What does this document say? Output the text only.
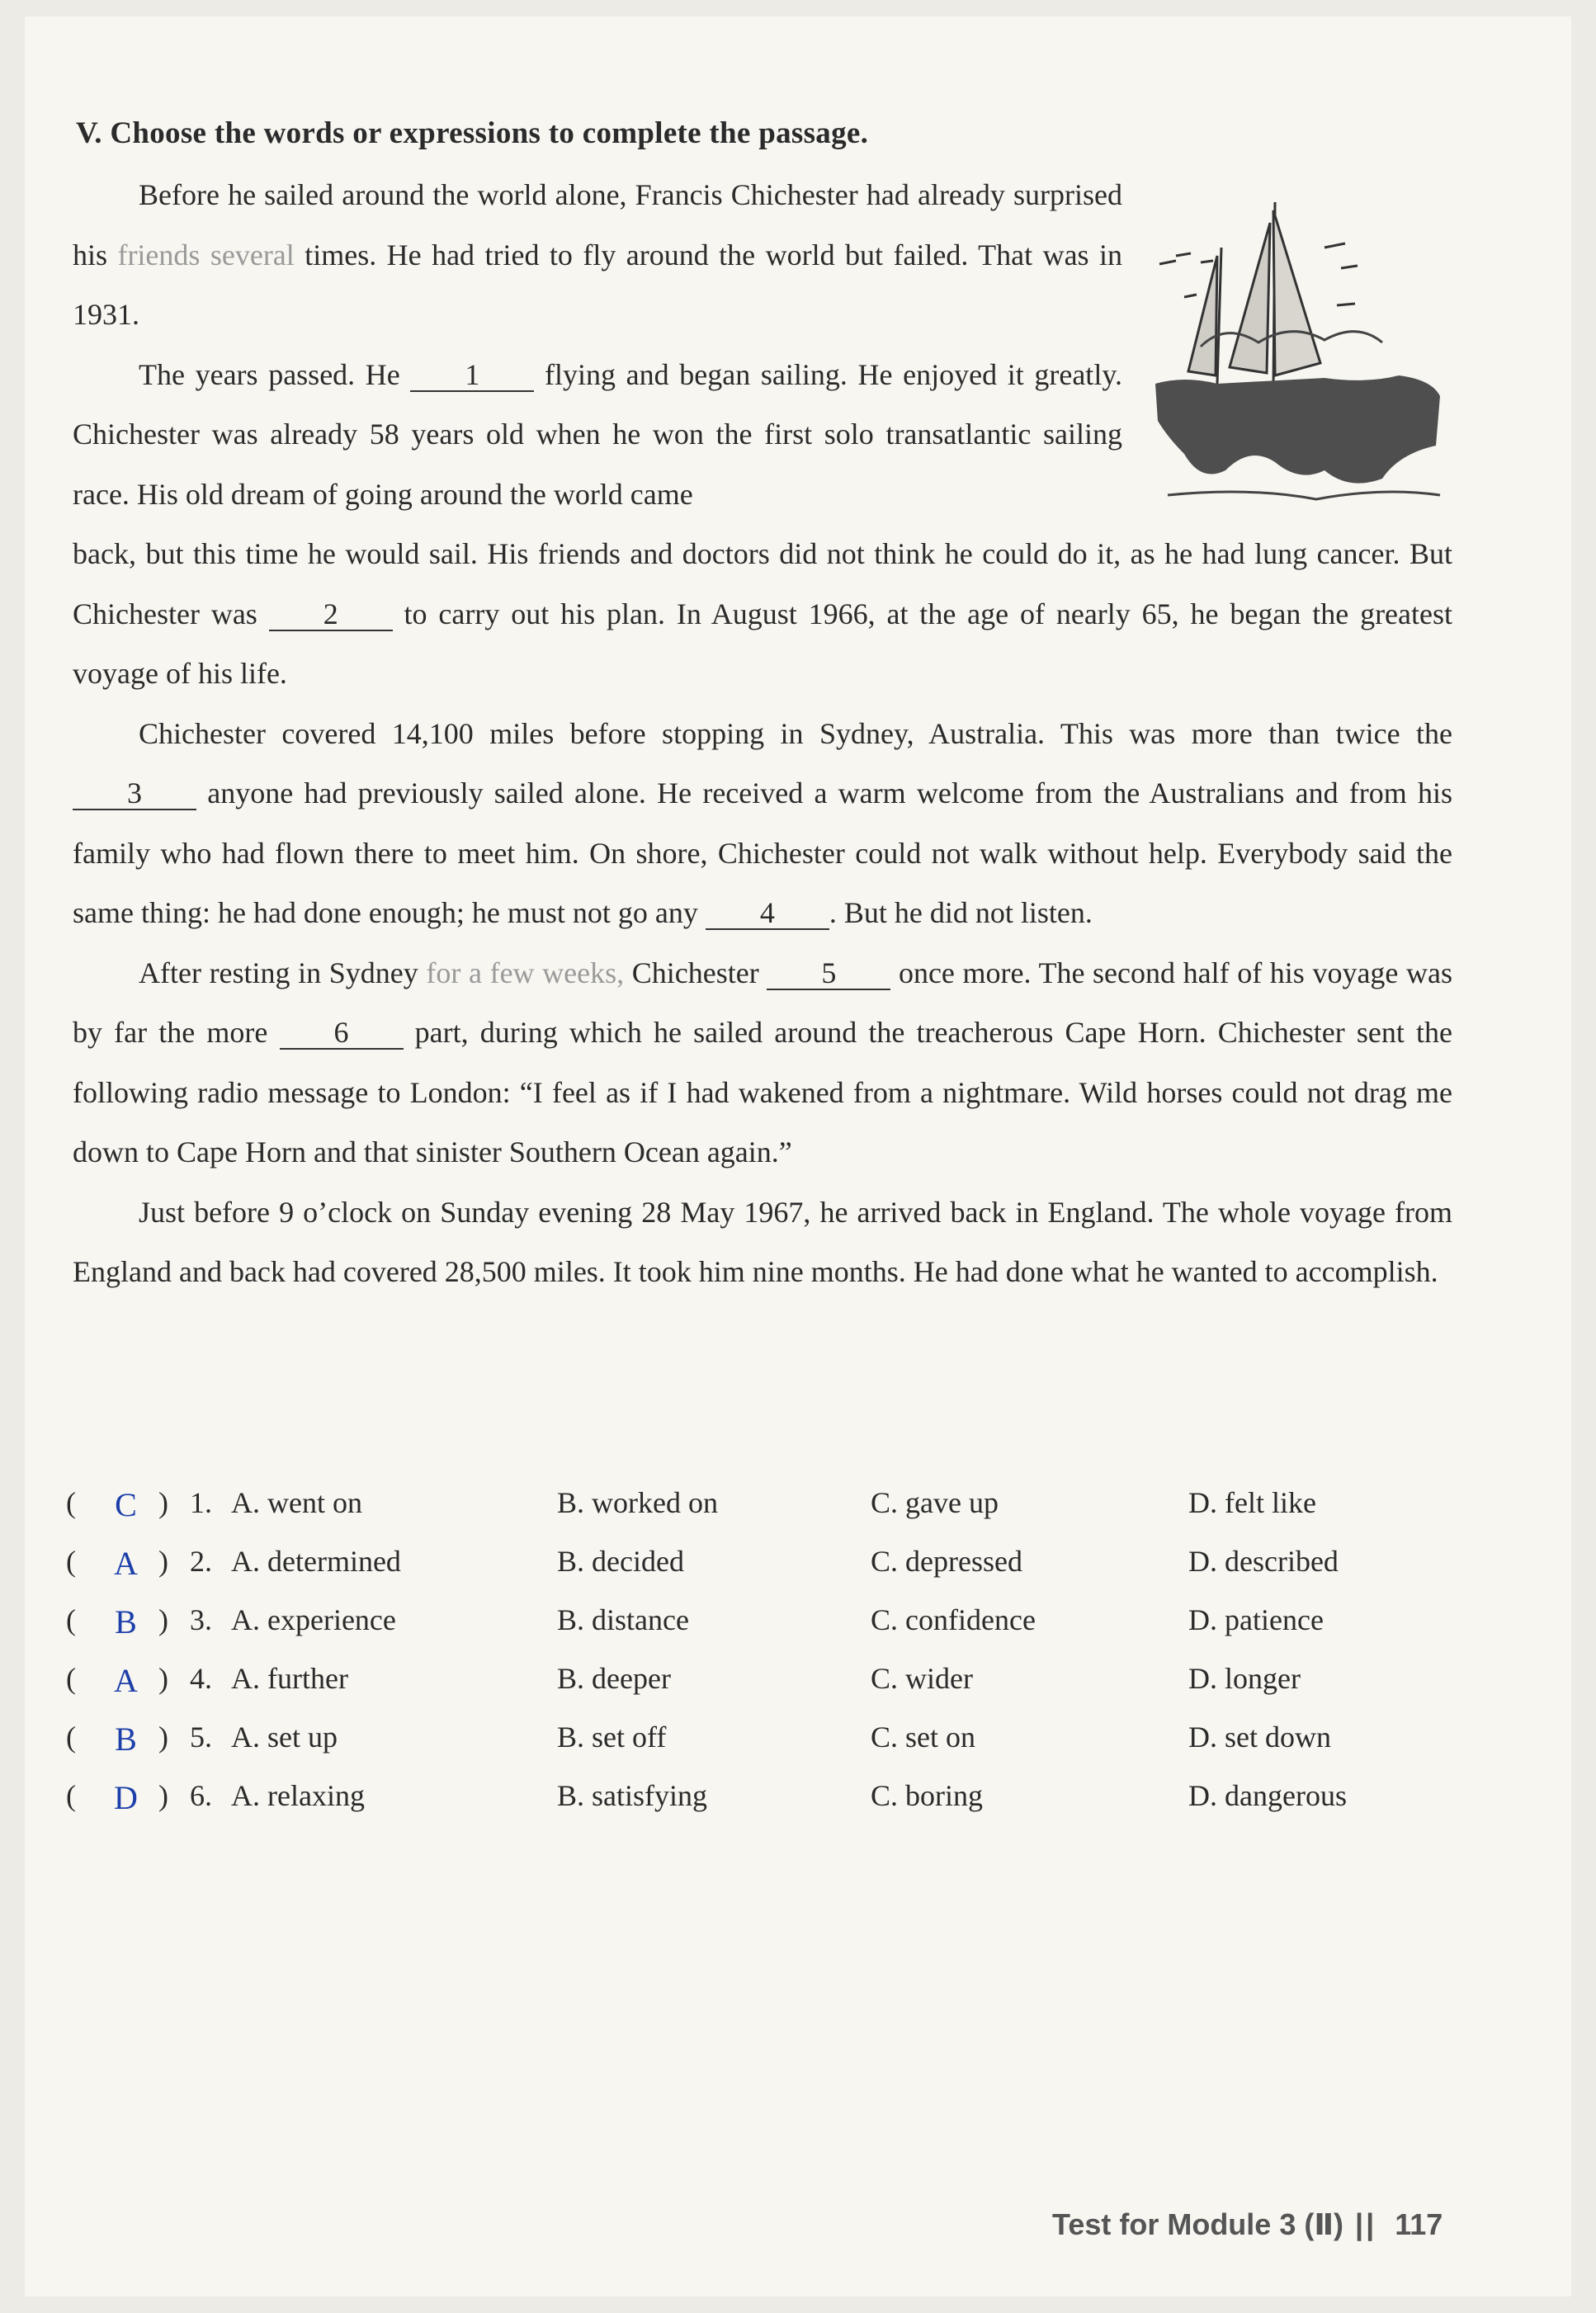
V. Choose the words or expressions to complete the passage.

Before he sailed around the world alone, Francis Chichester had already surprised his friends several times. He had tried to fly around the world but failed. That was in 1931.

The years passed. He 1 flying and began sailing. He enjoyed it greatly. Chichester was already 58 years old when he won the first solo transatlantic sailing race. His old dream of going around the world came

back, but this time he would sail. His friends and doctors did not think he could do it, as he had lung cancer. But Chichester was 2 to carry out his plan. In August 1966, at the age of nearly 65, he began the greatest voyage of his life.

Chichester covered 14,100 miles before stopping in Sydney, Australia. This was more than twice the 3 anyone had previously sailed alone. He received a warm welcome from the Australians and from his family who had flown there to meet him. On shore, Chichester could not walk without help. Everybody said the same thing: he had done enough; he must not go any 4 . But he did not listen.

After resting in Sydney for a few weeks, Chichester 5 once more. The second half of his voyage was by far the more 6 part, during which he sailed around the treacherous Cape Horn. Chichester sent the following radio message to London: “I feel as if I had wakened from a nightmare. Wild horses could not drag me down to Cape Horn and that sinister Southern Ocean again.”

Just before 9 o’clock on Sunday evening 28 May 1967, he arrived back in England. The whole voyage from England and back had covered 28,500 miles. It took him nine months. He had done what he wanted to accomplish.

(	C ) 1. A. went on	B. worked on	C. gave up	D. felt like
(	A ) 2. A. determined	B. decided	C. depressed	D. described
(	B ) 3. A. experience	B. distance	C. confidence	D. patience
(	A ) 4. A. further	B. deeper	C. wider	D. longer
(	B ) 5. A. set up	B. set off	C. set on	D. set down
(	D ) 6. A. relaxing	B. satisfying	C. boring	D. dangerous
Test for Module 3 (Ⅱ) || 117
